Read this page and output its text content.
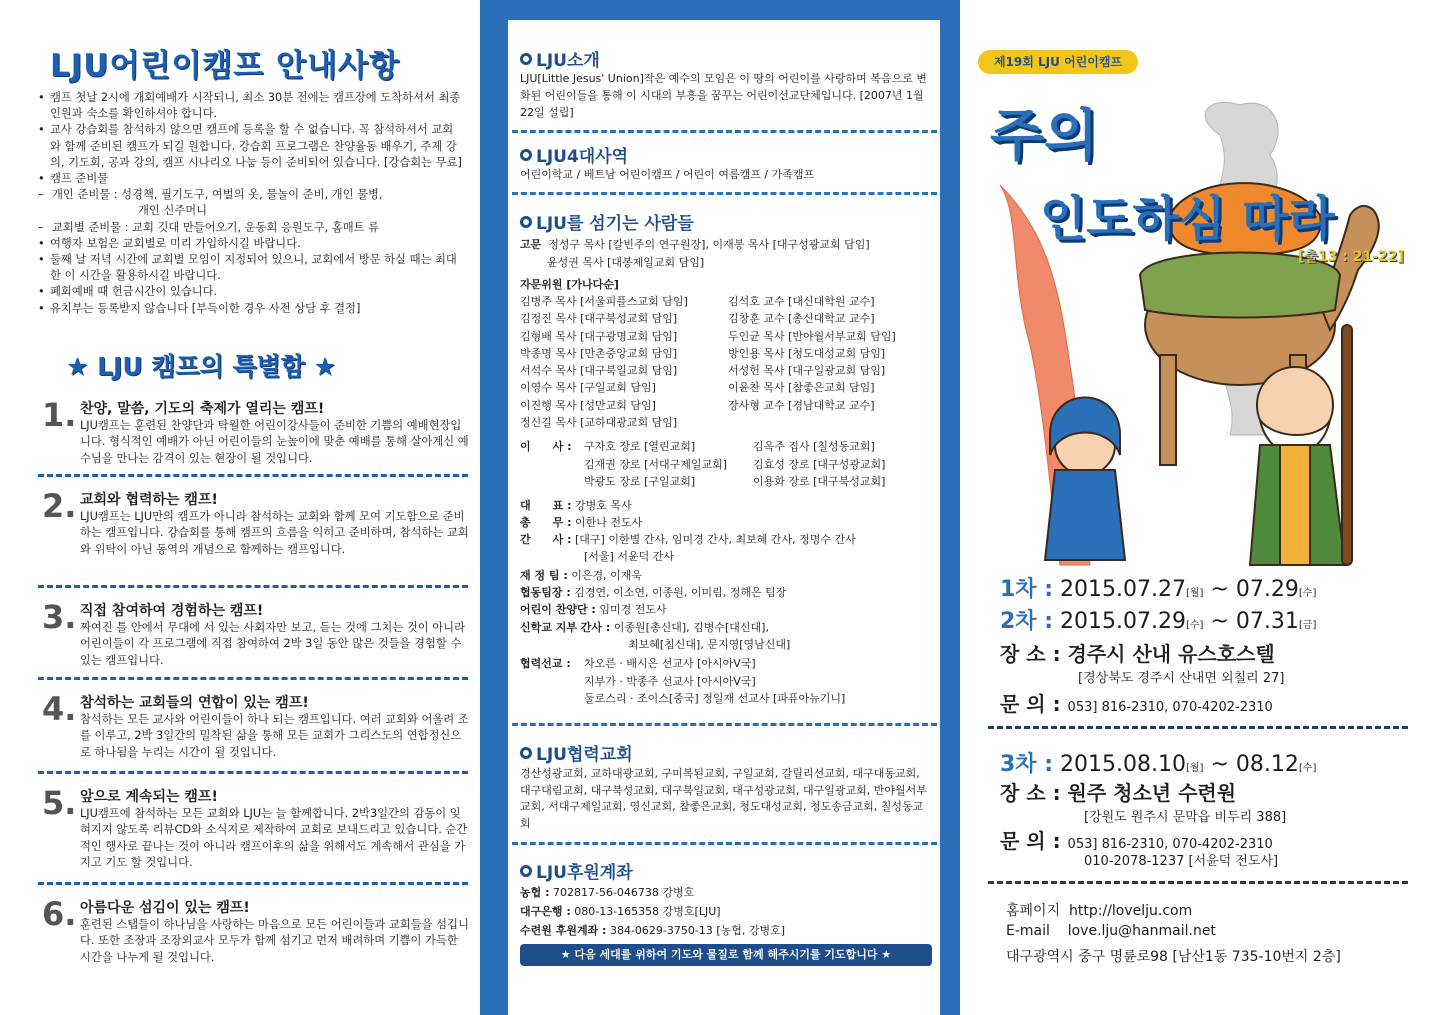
LJU어린이캠프 안내사항
• 캠프 첫날 2시에 개회예배가 시작되니, 최소 30분 전에는 캠프장에 도착하셔서 최종 인원과 숙소를 확인하셔야 합니다.
• 교사 강습회를 참석하지 않으면 캠프에 등록을 할 수 없습니다. 꼭 참석하셔서 교회와 함께 준비된 캠프가 되길 원합니다. 강습회 프로그램은 찬양율동 배우기, 주제 강의, 기도회, 공과 강의, 캠프 시나리오 나눔 등이 준비되어 있습니다. [강습회는 무료]
• 캠프 준비물
– 개인 준비물 : 성경책, 필기도구, 여벌의 옷, 물놀이 준비, 개인 물병,
개인 신주머니
– 교회별 준비물 : 교회 깃대 만들어오기, 운동회 응원도구, 홈매트 류
• 여행자 보험은 교회별로 미리 가입하시길 바랍니다.
• 둘째 날 저녁 시간에 교회별 모임이 지정되어 있으니, 교회에서 방문 하실 때는 최대한 이 시간을 활용하시길 바랍니다.
• 폐회예배 때 헌금시간이 있습니다.
• 유치부는 등록받지 않습니다 [부득이한 경우 사전 상담 후 결정]
★ LJU 캠프의 특별함 ★
1. 찬양, 말씀, 기도의 축제가 열리는 캠프!

LJU캠프는 훈련된 찬양단과 탁월한 어린이강사들이 준비한 기쁨의 예배현장입니다. 형식적인 예배가 아닌 어린이들의 눈높이에 맞춘 예배를 통해 살아계신 예수님을 만나는 감격이 있는 현장이 될 것입니다.

2. 교회와 협력하는 캠프!

LJU캠프는 LJU만의 캠프가 아니라 참석하는 교회와 함께 모여 기도함으로 준비하는 캠프입니다. 강습회를 통해 캠프의 흐름을 익히고 준비하며, 참석하는 교회와 위탁이 아닌 동역의 개념으로 함께하는 캠프입니다.

3. 직접 참여하여 경험하는 캠프!

짜여진 틀 안에서 무대에 서 있는 사회자만 보고, 듣는 것에 그치는 것이 아니라 어린이들이 각 프로그램에 직접 참여하여 2박 3일 동안 많은 것들을 경험할 수 있는 캠프입니다.

4. 참석하는 교회들의 연합이 있는 캠프!

참석하는 모든 교사와 어린이들이 하나 되는 캠프입니다. 여러 교회와 어울려 조를 이루고, 2박 3일간의 밀착된 삶을 통해 모든 교회가 그리스도의 연합정신으로 하나됨을 누리는 시간이 될 것입니다.

5. 앞으로 계속되는 캠프!

LJU캠프에 참석하는 모든 교회와 LJU는 늘 함께합니다. 2박3일간의 감동이 잊혀지지 않도록 리뷰CD와 소식지로 제작하여 교회로 보내드리고 있습니다. 순간적인 행사로 끝나는 것이 아니라 캠프이후의 삶을 위해서도 계속해서 관심을 가지고 기도 할 것입니다.

6. 아름다운 섬김이 있는 캠프!

훈련된 스탭들이 하나님을 사랑하는 마음으로 모든 어린이들과 교회들을 섬깁니다. 또한 조장과 조장외교사 모두가 함께 섬기고 먼저 배려하며 기쁨이 가득한 시간을 나누게 될 것입니다.

LJU소개

LJU[Little Jesus' Union]작은 예수의 모임은 이 땅의 어린이를 사랑하며 복음으로 변화된 어린이들을 통해 이 시대의 부흥을 꿈꾸는 어린이선교단체입니다. [2007년 1월 22일 설립]

LJU4대사역

어린이학교 / 베트남 어린이캠프 / 어린이 여름캠프 / 가족캠프

LJU를 섬기는 사람들
고문 정성구 목사 [칼빈주의 연구원장], 이재봉 목사 [대구성광교회 담임]
윤성권 목사 [대봉제일교회 담임]
자문위원 [가나다순]
김병주 목사 [서울피플스교회 담임]
김정진 목사 [대구북성교회 담임]
김형배 목사 [대구광명교회 담임]
박종명 목사 [만촌중앙교회 담임]
서석수 목사 [대구북일교회 담임]
이영수 목사 [구일교회 담임]
이진행 목사 [성만교회 담임]
정신길 목사 [교하대광교회 담임]
김석호 교수 [대신대학원 교수]
김창훈 교수 [총신대학교 교수]
두인균 목사 [반야월서부교회 담임]
방인용 목사 [청도대성교회 담임]
서성헌 목사 [대구일광교회 담임]
이윤찬 목사 [참좋은교회 담임]
장사형 교수 [경남대학교 교수]
이　　사 : 구자호 장로 [열린교회]
김재권 장로 [서대구제일교회]
박광도 장로 [구일교회]
김옥주 집사 [칠성동교회]
김효성 장로 [대구성광교회]
이용화 장로 [대구북성교회]
대　　표 : 강병호 목사
총　　무 : 이한나 전도사
간　　사 : [대구] 이한별 간사, 임미경 간사, 최보혜 간사, 정명수 간사
[서울] 서윤덕 간사
재 정 팀 : 이은경, 이재욱
협동팀장 : 김경연, 이소연, 이종원, 이미림, 정해은 팀장
어린이 찬양단 : 임미경 전도사
신학교 지부 간사 : 이종원[총신대], 김병수[대신대],
최보혜[침신대], 문지영[영남신대]
협력선교 : 차오른 · 배시은 선교사 [아시아V국]
지부가 · 박종주 선교사 [아시아V국]
둘로스리 · 조이스[중국] 정일재 선교사 [파퓨아뉴기니]
LJU협력교회

경산성광교회, 교하대광교회, 구미복된교회, 구일교회, 갈릴리선교회, 대구대동교회, 대구대림교회, 대구북성교회, 대구북일교회, 대구성광교회, 대구일광교회, 반야월서부교회, 서대구제일교회, 영신교회, 참좋은교회, 청도대성교회, 청도송금교회, 칠성동교회

LJU후원계좌
농협 : 702817-56-046738 강병호
대구은행 : 080-13-165358 강병호[LJU]
수련원 후원계좌 : 384-0629-3750-13 [농협, 강병호]
★ 다음 세대를 위하여 기도와 물질로 함께 해주시기를 기도합니다 ★
제19회 LJU 어린이캠프
주의
인도하심 따라
[출13 : 21-22]
1차 : 2015.07.27[월] ~ 07.29[수]
2차 : 2015.07.29[수] ~ 07.31[금]
장 소 : 경주시 산내 유스호스텔
[경상북도 경주시 산내면 외칠리 27]
문 의 : 053] 816-2310, 070-4202-2310
3차 : 2015.08.10[월] ~ 08.12[수]
장 소 : 원주 청소년 수련원
[강원도 원주시 문막읍 비두리 388]
문 의 : 053] 816-2310, 070-4202-2310
010-2078-1237 [서윤덕 전도사]
홈페이지 http://lovelju.com
E-mail love.lju@hanmail.net
대구광역시 중구 명륜로98 [남산1동 735-10번지 2층]
